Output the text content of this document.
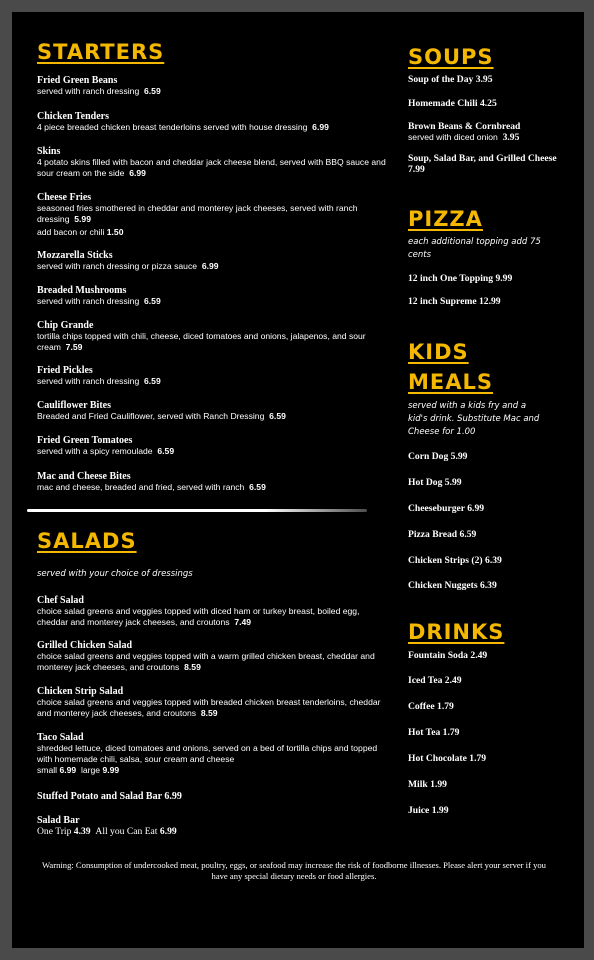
STARTERS
Fried Green Beans
served with ranch dressing 6.59
Chicken Tenders
4 piece breaded chicken breast tenderloins served with house dressing 6.99
Skins
4 potato skins filled with bacon and cheddar jack cheese blend, served with BBQ sauce and sour cream on the side 6.99
Cheese Fries
seasoned fries smothered in cheddar and monterey jack cheeses, served with ranch dressing 5.99
add bacon or chili 1.50
Mozzarella Sticks
served with ranch dressing or pizza sauce 6.99
Breaded Mushrooms
served with ranch dressing 6.59
Chip Grande
tortilla chips topped with chili, cheese, diced tomatoes and onions, jalapenos, and sour cream 7.59
Fried Pickles
served with ranch dressing 6.59
Cauliflower Bites
Breaded and Fried Cauliflower, served with Ranch Dressing 6.59
Fried Green Tomatoes
served with a spicy remoulade 6.59
Mac and Cheese Bites
mac and cheese, breaded and fried, served with ranch 6.59
SALADS
served with your choice of dressings
Chef Salad
choice salad greens and veggies topped with diced ham or turkey breast, boiled egg, cheddar and monterey jack cheeses, and croutons 7.49
Grilled Chicken Salad
choice salad greens and veggies topped with a warm grilled chicken breast, cheddar and monterey jack cheeses, and croutons 8.59
Chicken Strip Salad
choice salad greens and veggies topped with breaded chicken breast tenderloins, cheddar and monterey jack cheeses, and croutons 8.59
Taco Salad
shredded lettuce, diced tomatoes and onions, served on a bed of tortilla chips and topped with homemade chili, salsa, sour cream and cheese
small 6.99 large 9.99
Stuffed Potato and Salad Bar 6.99
Salad Bar
One Trip 4.39 All you Can Eat 6.99
SOUPS
Soup of the Day 3.95
Homemade Chili 4.25
Brown Beans & Cornbread
served with diced onion 3.95
Soup, Salad Bar, and Grilled Cheese 7.99
PIZZA
each additional topping add 75 cents
12 inch One Topping 9.99
12 inch Supreme 12.99
KIDS
MEALS
served with a kids fry and a kid's drink. Substitute Mac and Cheese for 1.00
Corn Dog 5.99
Hot Dog 5.99
Cheeseburger 6.99
Pizza Bread 6.59
Chicken Strips (2) 6.39
Chicken Nuggets 6.39
DRINKS
Fountain Soda 2.49
Iced Tea 2.49
Coffee 1.79
Hot Tea 1.79
Hot Chocolate 1.79
Milk 1.99
Juice 1.99
Warning: Consumption of undercooked meat, poultry, eggs, or seafood may increase the risk of foodborne illnesses. Please alert your server if you have any special dietary needs or food allergies.
